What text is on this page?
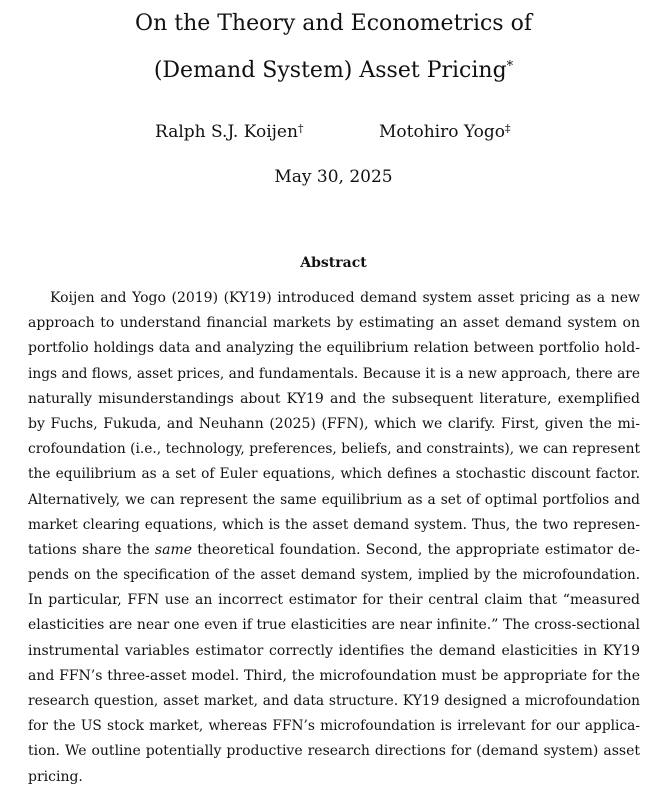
On the Theory and Econometrics of
(Demand System) Asset Pricing*
Ralph S.J. Koijen†	Motohiro Yogo‡
May 30, 2025
Abstract
Koijen and Yogo (2019) (KY19) introduced demand system asset pricing as a new
approach to understand financial markets by estimating an asset demand system on
portfolio holdings data and analyzing the equilibrium relation between portfolio hold-
ings and flows, asset prices, and fundamentals. Because it is a new approach, there are
naturally misunderstandings about KY19 and the subsequent literature, exemplified
by Fuchs, Fukuda, and Neuhann (2025) (FFN), which we clarify. First, given the mi-
crofoundation (i.e., technology, preferences, beliefs, and constraints), we can represent
the equilibrium as a set of Euler equations, which defines a stochastic discount factor.
Alternatively, we can represent the same equilibrium as a set of optimal portfolios and
market clearing equations, which is the asset demand system. Thus, the two represen-
tations share the same theoretical foundation. Second, the appropriate estimator de-
pends on the specification of the asset demand system, implied by the microfoundation.
In particular, FFN use an incorrect estimator for their central claim that “measured
elasticities are near one even if true elasticities are near infinite.” The cross-sectional
instrumental variables estimator correctly identifies the demand elasticities in KY19
and FFN’s three-asset model. Third, the microfoundation must be appropriate for the
research question, asset market, and data structure. KY19 designed a microfoundation
for the US stock market, whereas FFN’s microfoundation is irrelevant for our applica-
tion. We outline potentially productive research directions for (demand system) asset
pricing.
